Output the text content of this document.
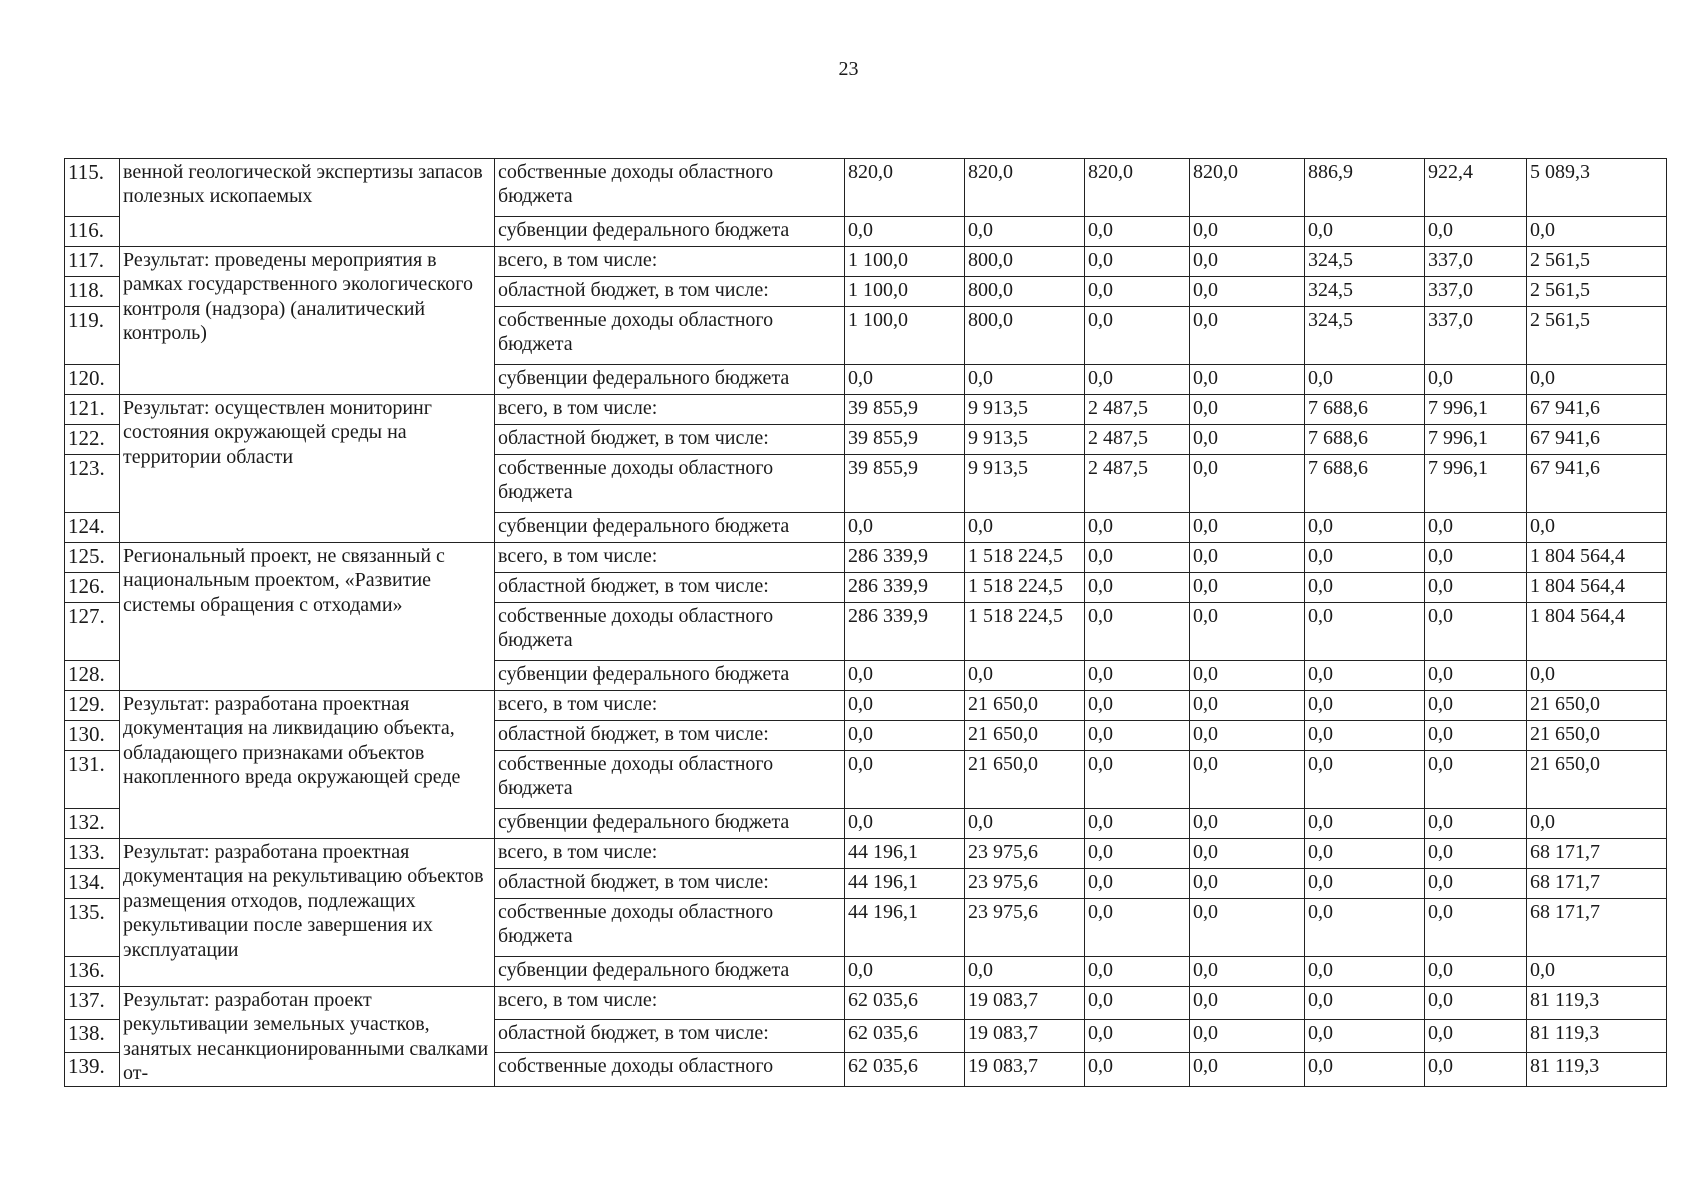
23
115.	венной геологической экспертизы запасов полезных ископаемых	собственные доходы областного бюджета	820,0	820,0	820,0	820,0	886,9	922,4	5 089,3
116.		субвенции федерального бюджета	0,0	0,0	0,0	0,0	0,0	0,0	0,0
117.	Результат: проведены мероприятия в рамках государственного экологического контроля (надзора) (аналитический контроль)	всего, в том числе:	1 100,0	800,0	0,0	0,0	324,5	337,0	2 561,5
118.		областной бюджет, в том числе:	1 100,0	800,0	0,0	0,0	324,5	337,0	2 561,5
119.		собственные доходы областного бюджета	1 100,0	800,0	0,0	0,0	324,5	337,0	2 561,5
120.		субвенции федерального бюджета	0,0	0,0	0,0	0,0	0,0	0,0	0,0
121.	Результат: осуществлен мониторинг состояния окружающей среды на территории области	всего, в том числе:	39 855,9	9 913,5	2 487,5	0,0	7 688,6	7 996,1	67 941,6
122.		областной бюджет, в том числе:	39 855,9	9 913,5	2 487,5	0,0	7 688,6	7 996,1	67 941,6
123.		собственные доходы областного бюджета	39 855,9	9 913,5	2 487,5	0,0	7 688,6	7 996,1	67 941,6
124.		субвенции федерального бюджета	0,0	0,0	0,0	0,0	0,0	0,0	0,0
125.	Региональный проект, не связанный с национальным проектом, «Развитие системы обращения с отходами»	всего, в том числе:	286 339,9	1 518 224,5	0,0	0,0	0,0	0,0	1 804 564,4
126.		областной бюджет, в том числе:	286 339,9	1 518 224,5	0,0	0,0	0,0	0,0	1 804 564,4
127.		собственные доходы областного бюджета	286 339,9	1 518 224,5	0,0	0,0	0,0	0,0	1 804 564,4
128.		субвенции федерального бюджета	0,0	0,0	0,0	0,0	0,0	0,0	0,0
129.	Результат: разработана проектная документация на ликвидацию объекта, обладающего признаками объектов накопленного вреда окружающей среде	всего, в том числе:	0,0	21 650,0	0,0	0,0	0,0	0,0	21 650,0
130.		областной бюджет, в том числе:	0,0	21 650,0	0,0	0,0	0,0	0,0	21 650,0
131.		собственные доходы областного бюджета	0,0	21 650,0	0,0	0,0	0,0	0,0	21 650,0
132.		субвенции федерального бюджета	0,0	0,0	0,0	0,0	0,0	0,0	0,0
133.	Результат: разработана проектная документация на рекультивацию объектов размещения отходов, подлежащих рекультивации после завершения их эксплуатации	всего, в том числе:	44 196,1	23 975,6	0,0	0,0	0,0	0,0	68 171,7
134.		областной бюджет, в том числе:	44 196,1	23 975,6	0,0	0,0	0,0	0,0	68 171,7
135.		собственные доходы областного бюджета	44 196,1	23 975,6	0,0	0,0	0,0	0,0	68 171,7
136.		субвенции федерального бюджета	0,0	0,0	0,0	0,0	0,0	0,0	0,0
137.	Результат: разработан проект рекультивации земельных участков, занятых несанкционированными свалками от-	всего, в том числе:	62 035,6	19 083,7	0,0	0,0	0,0	0,0	81 119,3
138.		областной бюджет, в том числе:	62 035,6	19 083,7	0,0	0,0	0,0	0,0	81 119,3
139.		собственные доходы областного	62 035,6	19 083,7	0,0	0,0	0,0	0,0	81 119,3
